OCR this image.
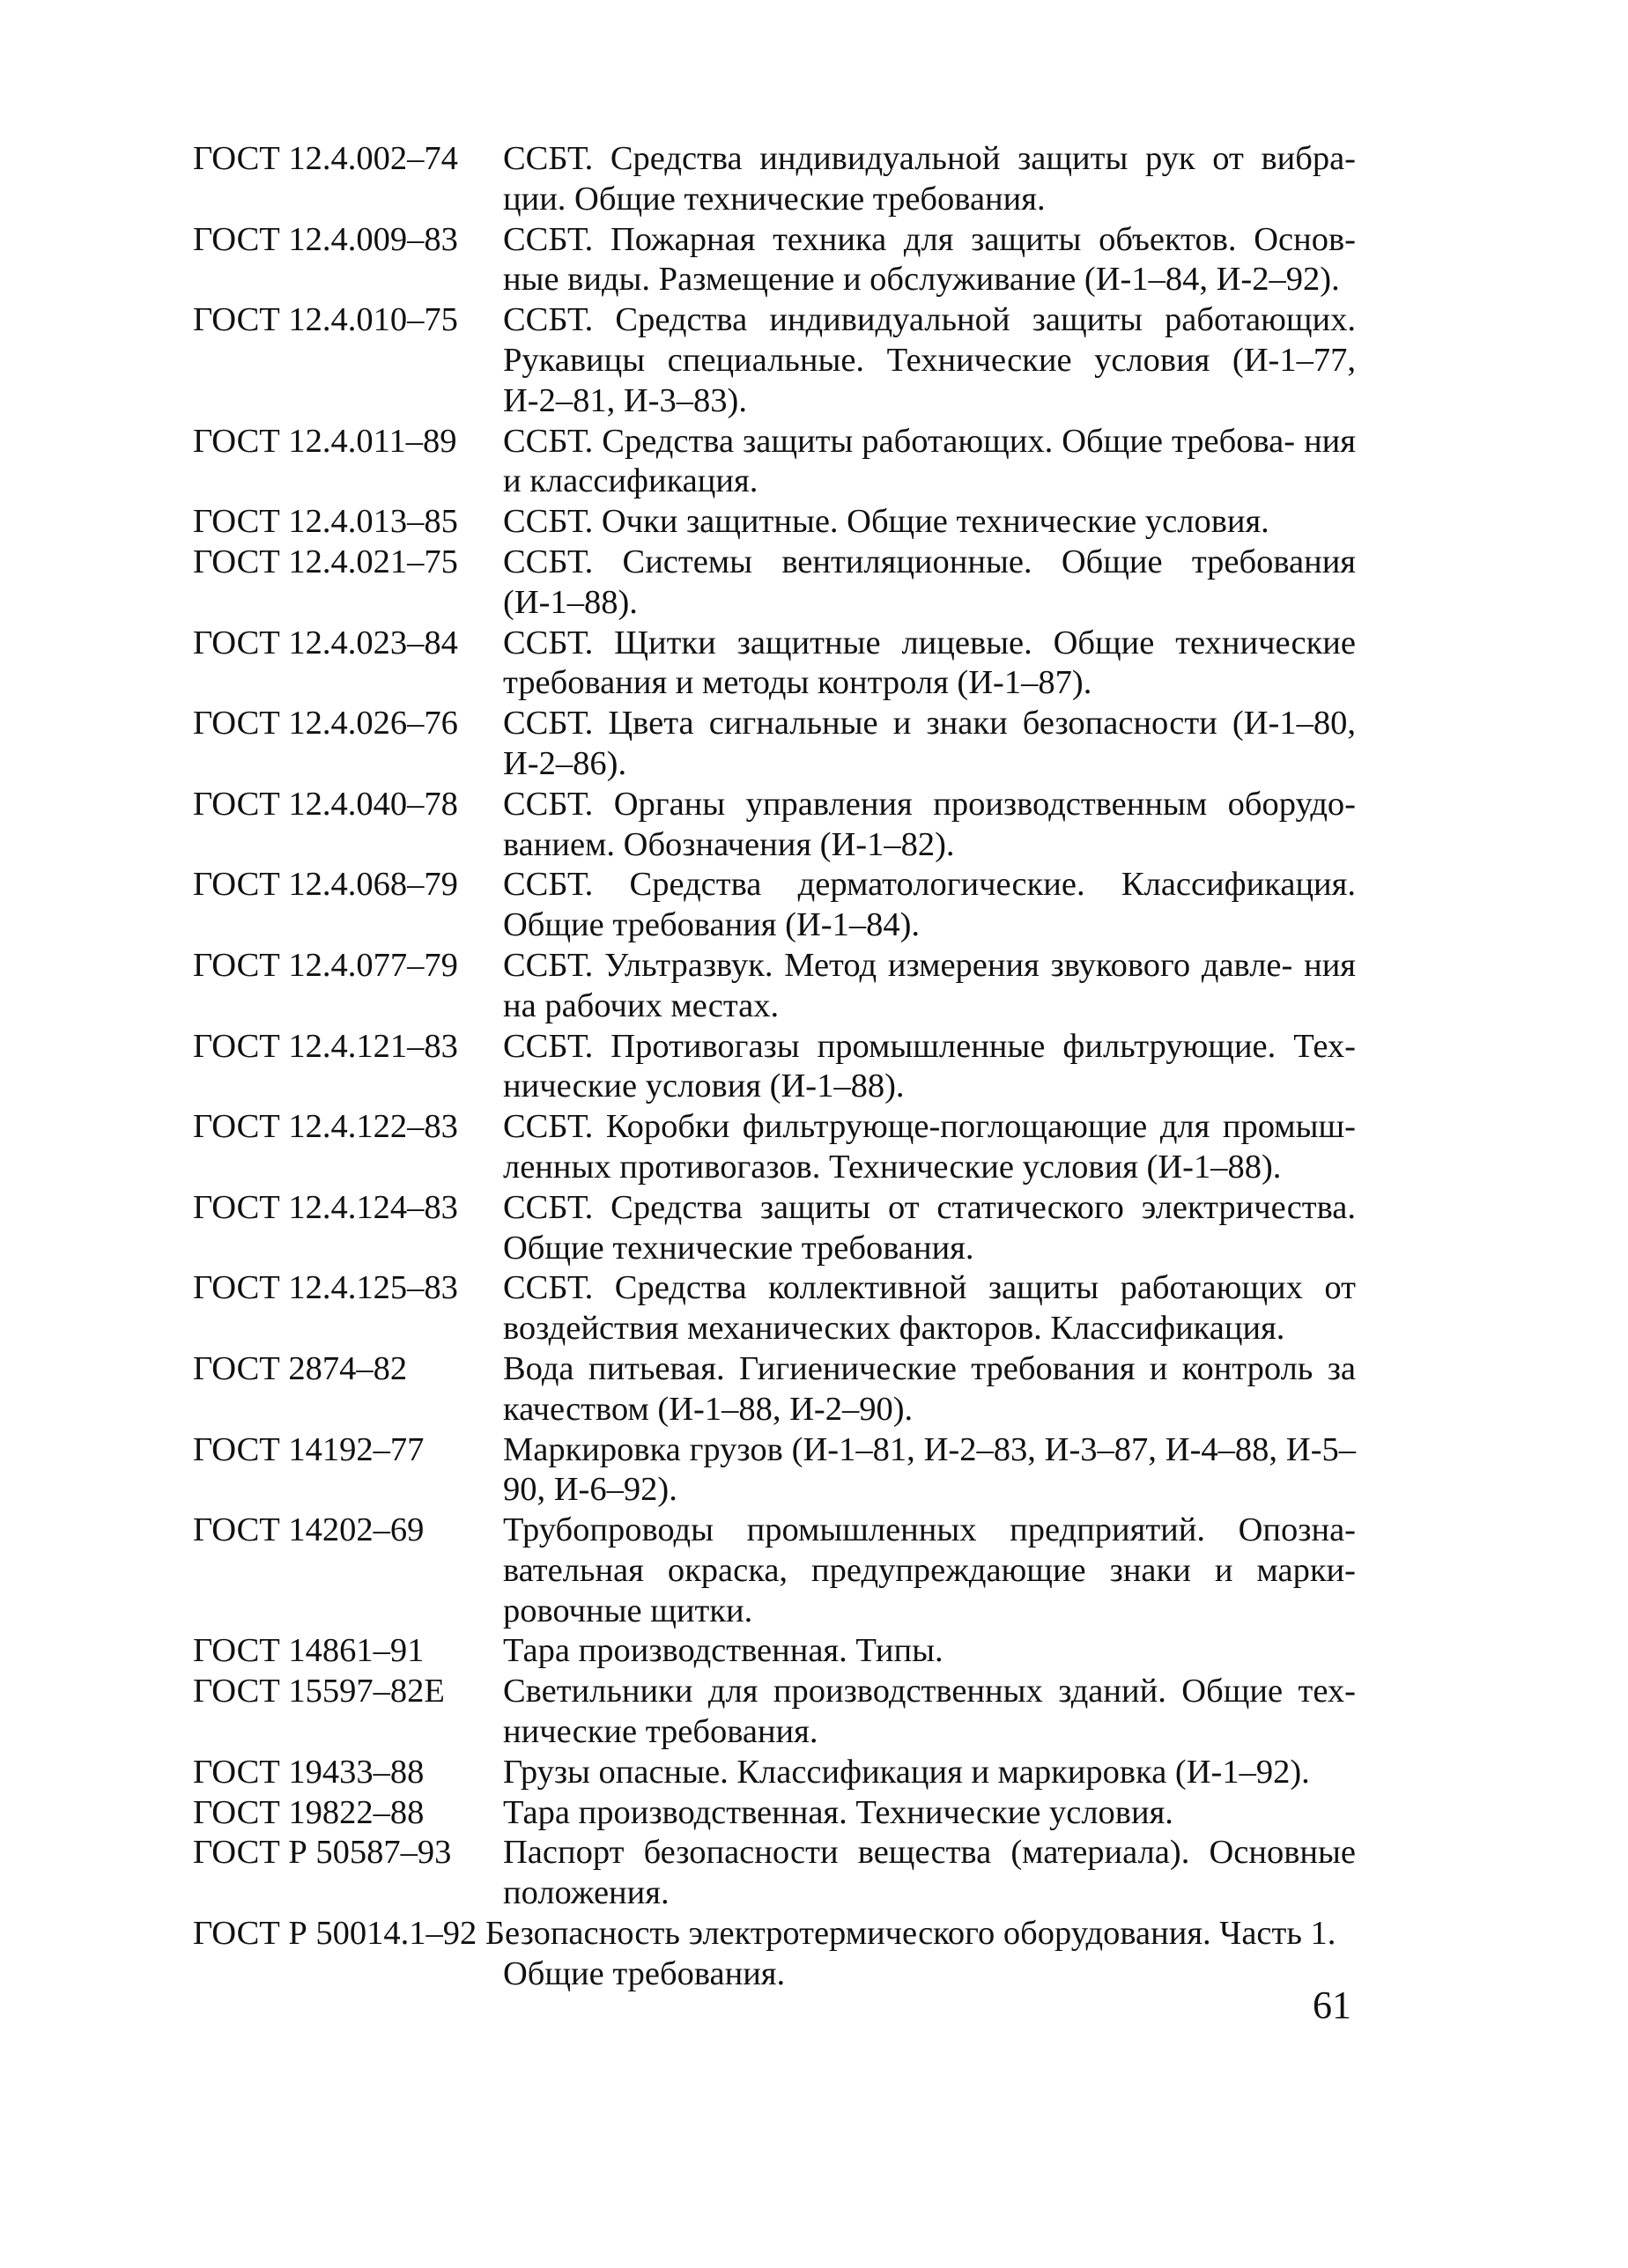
ГОСТ 12.4.002–74 ССБТ. Средства индивидуальной защиты рук от вибра- ции. Общие технические требования.
ГОСТ 12.4.009–83 ССБТ. Пожарная техника для защиты объектов. Основ- ные виды. Размещение и обслуживание (И-1–84, И-2–92).
ГОСТ 12.4.010–75 ССБТ. Средства индивидуальной защиты работающих. Рукавицы специальные. Технические условия (И-1–77, И-2–81, И-3–83).
ГОСТ 12.4.011–89 ССБТ. Средства защиты работающих. Общие требова- ния и классификация.
ГОСТ 12.4.013–85 ССБТ. Очки защитные. Общие технические условия.
ГОСТ 12.4.021–75 ССБТ. Системы вентиляционные. Общие требования (И-1–88).
ГОСТ 12.4.023–84 ССБТ. Щитки защитные лицевые. Общие технические требования и методы контроля (И-1–87).
ГОСТ 12.4.026–76 ССБТ. Цвета сигнальные и знаки безопасности (И-1–80, И-2–86).
ГОСТ 12.4.040–78 ССБТ. Органы управления производственным оборудо- ванием. Обозначения (И-1–82).
ГОСТ 12.4.068–79 ССБТ. Средства дерматологические. Классификация. Общие требования (И-1–84).
ГОСТ 12.4.077–79 ССБТ. Ультразвук. Метод измерения звукового давле- ния на рабочих местах.
ГОСТ 12.4.121–83 ССБТ. Противогазы промышленные фильтрующие. Тех- нические условия (И-1–88).
ГОСТ 12.4.122–83 ССБТ. Коробки фильтрующе-поглощающие для промыш- ленных противогазов. Технические условия (И-1–88).
ГОСТ 12.4.124–83 ССБТ. Средства защиты от статического электричества. Общие технические требования.
ГОСТ 12.4.125–83 ССБТ. Средства коллективной защиты работающих от воздействия механических факторов. Классификация.
ГОСТ 2874–82	Вода питьевая. Гигиенические требования и контроль за качеством (И-1–88, И-2–90).
ГОСТ 14192–77 Маркировка грузов (И-1–81, И-2–83, И-3–87, И-4–88, И-5–90, И-6–92).
ГОСТ 14202–69 Трубопроводы промышленных предприятий. Опозна- вательная окраска, предупреждающие знаки и марки- ровочные щитки.
ГОСТ 14861–91 Тара производственная. Типы.
ГОСТ 15597–82Е Светильники для производственных зданий. Общие тех- нические требования.
ГОСТ 19433–88 Грузы опасные. Классификация и маркировка (И-1–92).
ГОСТ 19822–88 Тара производственная. Технические условия.
ГОСТ Р 50587–93 Паспорт безопасности вещества (материала). Основные положения.
ГОСТ Р 50014.1–92 Безопасность электротермического оборудования. Часть 1.
Общие требования.
61
